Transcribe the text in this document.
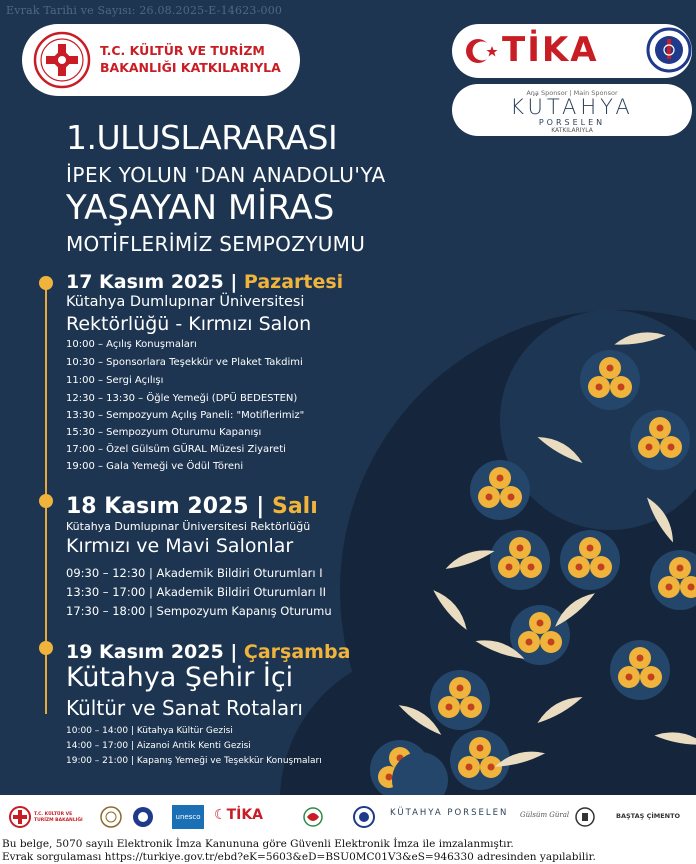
Evrak Tarihi ve Sayısı: 26.08.2025-E-14623-000
T.C. KÜLTÜR VE TURİZM
BAKANLIĞI KATKILARIYLA	TİKA
Ana Sponsor | Main Sponsor
KÜTAHYA
PORSELEN
KATKILARIYLA
1.ULUSLARARASI
İPEK YOLUN 'DAN ANADOLU'YA
YAŞAYAN MİRAS
MOTİFLERİMİZ SEMPOZYUMU
17 Kasım 2025 | Pazartesi
Kütahya Dumlupınar Üniversitesi
Rektörlüğü - Kırmızı Salon
10:00 – Açılış Konuşmaları
10:30 – Sponsorlara Teşekkür ve Plaket Takdimi
11:00 – Sergi Açılışı
12:30 – 13:30 – Öğle Yemeği (DPÜ BEDESTEN)
13:30 – Sempozyum Açılış Paneli: "Motiflerimiz"
15:30 – Sempozyum Oturumu Kapanışı
17:00 – Özel Gülsüm GÜRAL Müzesi Ziyareti
19:00 – Gala Yemeği ve Ödül Töreni
18 Kasım 2025 | Salı
Kütahya Dumlupınar Üniversitesi Rektörlüğü
Kırmızı ve Mavi Salonlar
09:30 – 12:30 | Akademik Bildiri Oturumları I
13:30 – 17:00 | Akademik Bildiri Oturumları II
17:30 – 18:00 | Sempozyum Kapanış Oturumu
19 Kasım 2025 | Çarşamba
Kütahya Şehir İçi
Kültür ve Sanat Rotaları
10:00 – 14:00 | Kütahya Kültür Gezisi
14:00 – 17:00 | Aizanoi Antik Kenti Gezisi
19:00 – 21:00 | Kapanış Yemeği ve Teşekkür Konuşmaları
T.C. KÜLTÜR VE TURİZM BAKANLIĞI	unesco ☾TİKA	KÜTAHYA PORSELEN Gülsüm Güral	BAŞTAŞ ÇİMENTO
Bu belge, 5070 sayılı Elektronik İmza Kanununa göre Güvenli Elektronik İmza ile imzalanmıştır.
Evrak sorgulaması https://turkiye.gov.tr/ebd?eK=5603&eD=BSU0MC01V3&eS=946330 adresinden yapılabilir.
